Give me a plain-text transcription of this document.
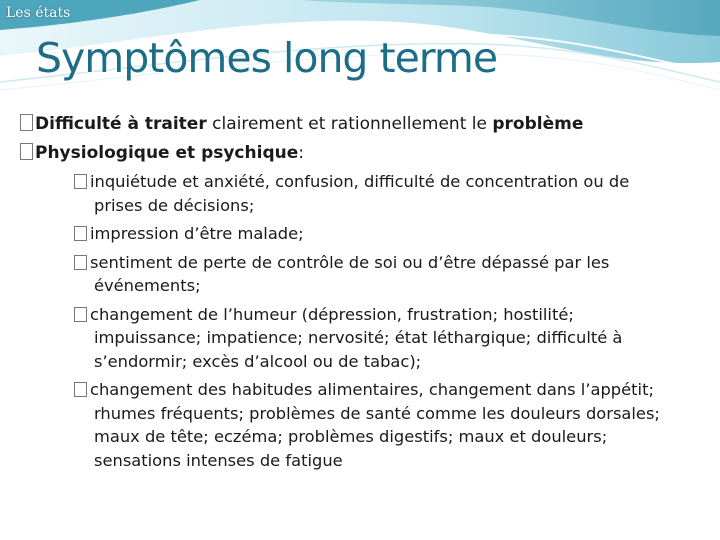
Les états
Symptômes long terme
Difficulté à traiter clairement et rationnellement le problème
Physiologique et psychique:
inquiétude et anxiété, confusion, difficulté de concentration ou de prises de décisions;
impression d’être malade;
sentiment de perte de contrôle de soi ou d’être dépassé par les événements;
changement de l’humeur (dépression, frustration; hostilité; impuissance; impatience; nervosité; état léthargique; difficulté à s’endormir; excès d’alcool ou de tabac);
changement des habitudes alimentaires, changement dans l’appétit; rhumes fréquents; problèmes de santé comme les douleurs dorsales; maux de tête; eczéma; problèmes digestifs; maux et douleurs; sensations intenses de fatigue
